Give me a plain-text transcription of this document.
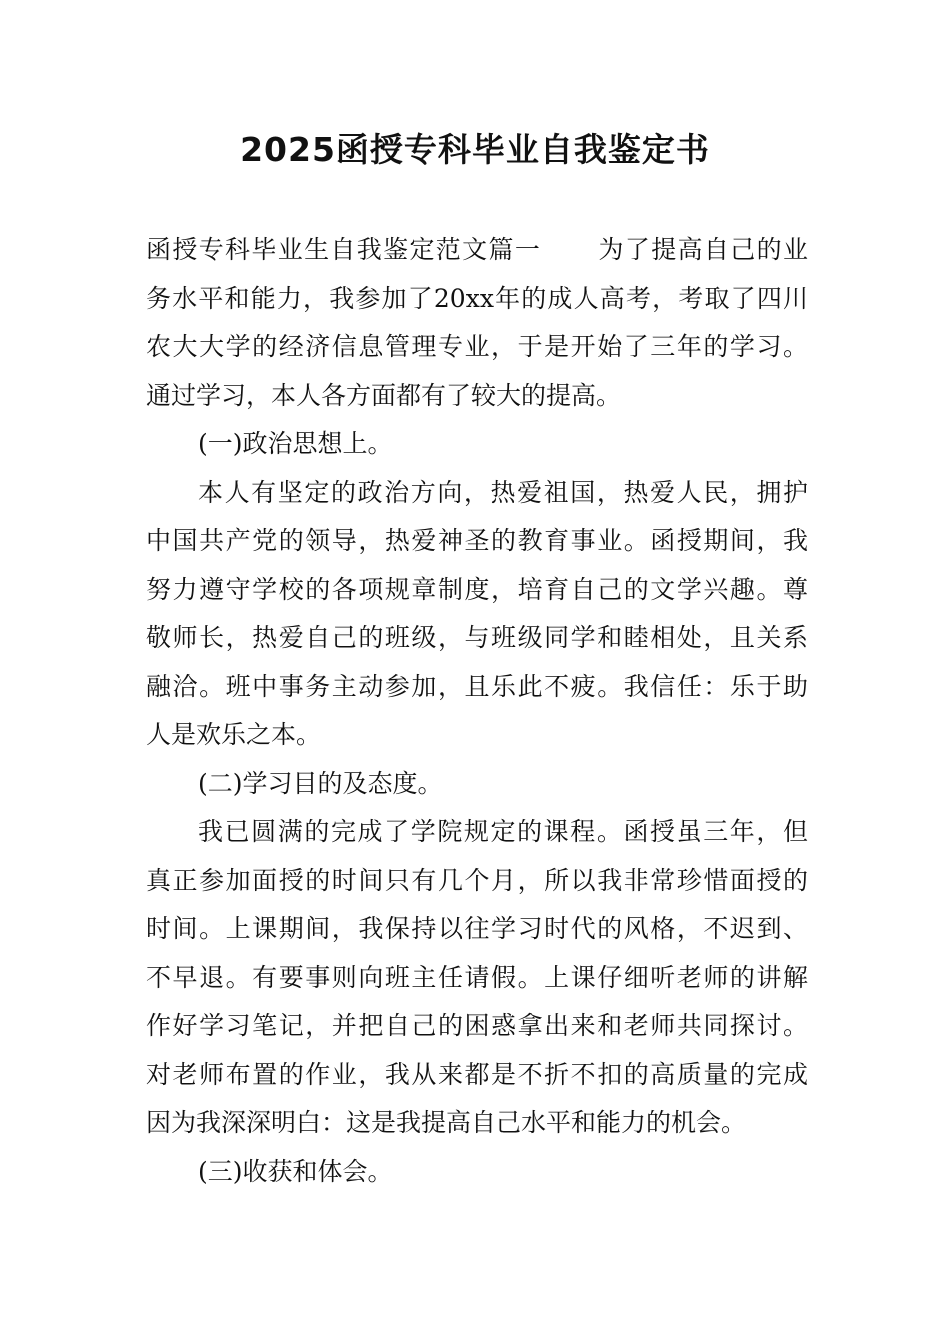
2025函授专科毕业自我鉴定书
函授专科毕业生自我鉴定范文篇一 为了提高自己的业
务水平和能力，我参加了20xx年的成人高考，考取了四川
农大大学的经济信息管理专业，于是开始了三年的学习。
通过学习，本人各方面都有了较大的提高。
(一)政治思想上。
本人有坚定的政治方向，热爱祖国，热爱人民，拥护
中国共产党的领导，热爱神圣的教育事业。函授期间，我
努力遵守学校的各项规章制度，培育自己的文学兴趣。尊
敬师长，热爱自己的班级，与班级同学和睦相处，且关系
融洽。班中事务主动参加，且乐此不疲。我信任：乐于助
人是欢乐之本。
(二)学习目的及态度。
我已圆满的完成了学院规定的课程。函授虽三年，但
真正参加面授的时间只有几个月，所以我非常珍惜面授的
时间。上课期间，我保持以往学习时代的风格，不迟到、
不早退。有要事则向班主任请假。上课仔细听老师的讲解
作好学习笔记，并把自己的困惑拿出来和老师共同探讨。
对老师布置的作业，我从来都是不折不扣的高质量的完成
因为我深深明白：这是我提高自己水平和能力的机会。
(三)收获和体会。
